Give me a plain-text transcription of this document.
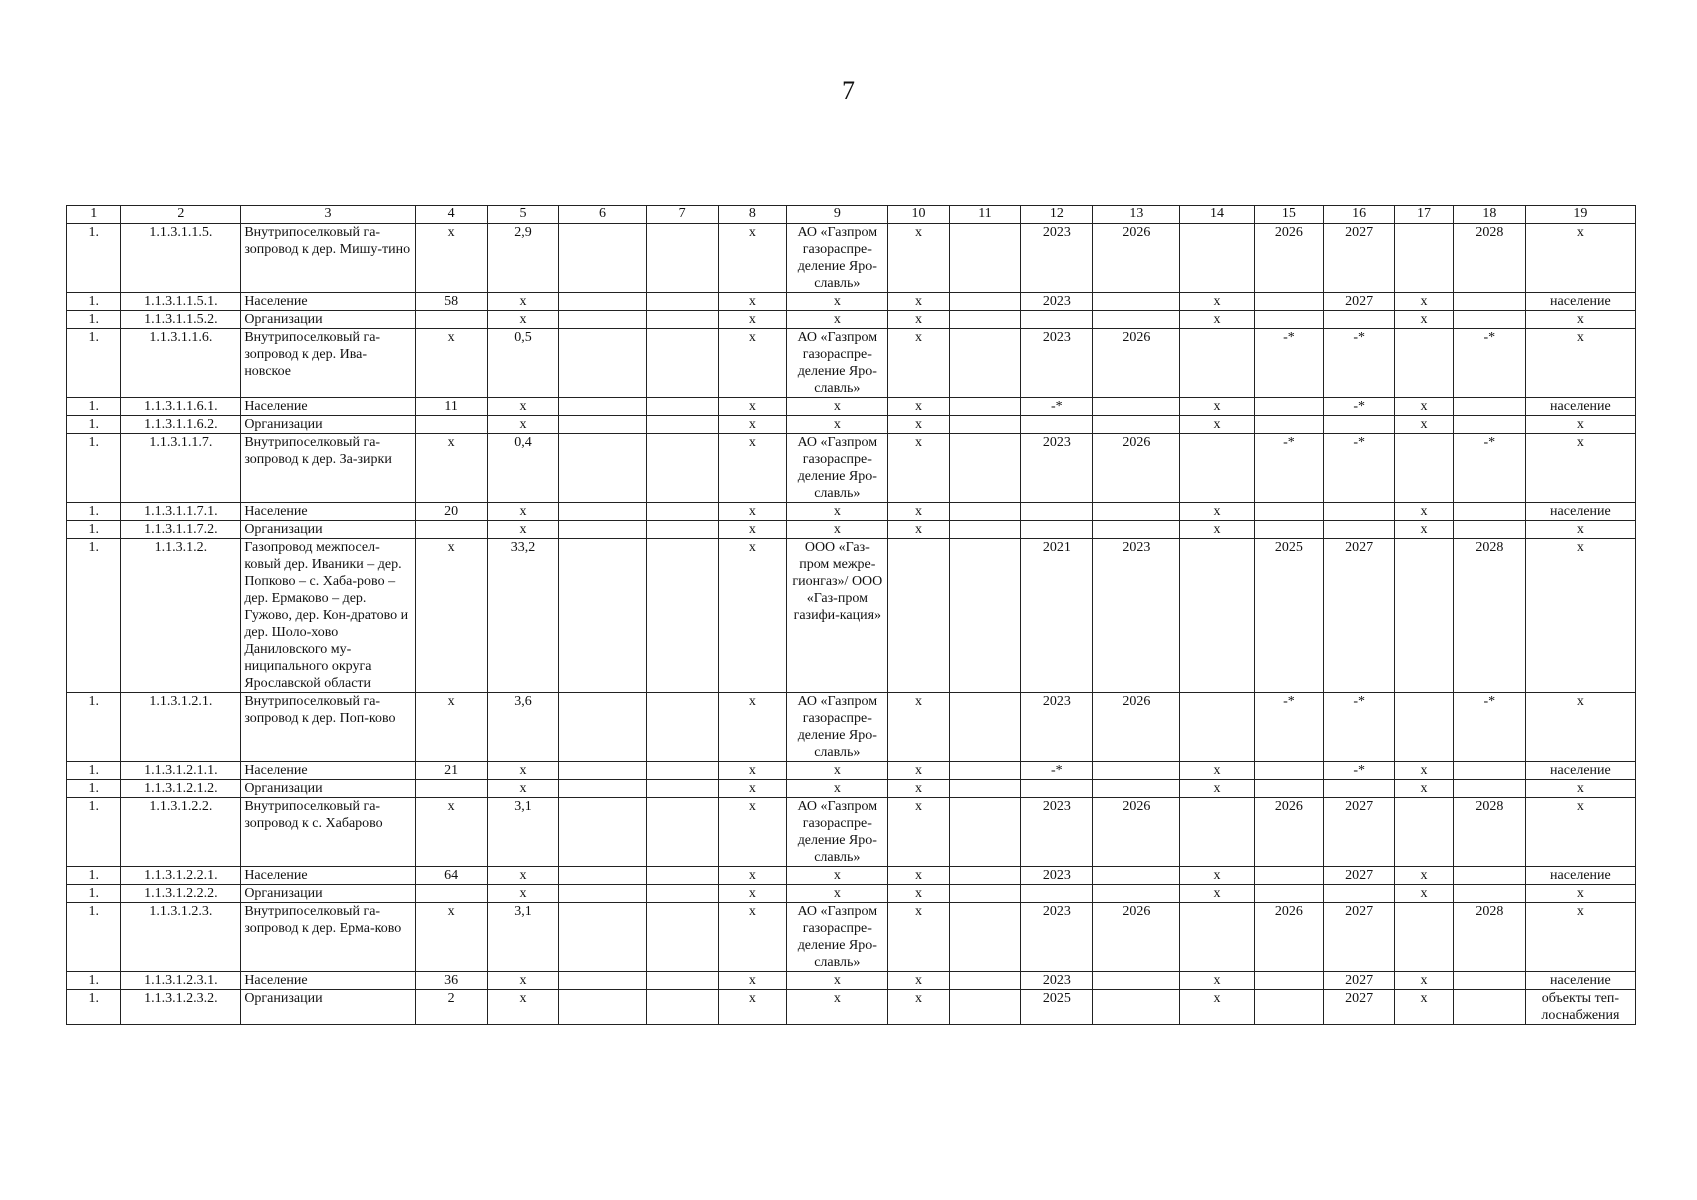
7
1	2	3	4	5	6	7	8	9	10	11	12	13	14	15	16	17	18	19
1.	1.1.3.1.1.5.	Внутрипоселковый га-зопровод к дер. Мишу-тино	x	2,9			x	АО «Газпром газораспре-деление Яро-славль»	x		2023	2026		2026	2027		2028	x
1.	1.1.3.1.1.5.1.	Население	58	x			x	x	x		2023		x		2027	x		население
1.	1.1.3.1.1.5.2.	Организации		x			x	x	x				x			x		x
1.	1.1.3.1.1.6.	Внутрипоселковый га-зопровод к дер. Ива-новское	x	0,5			x	АО «Газпром газораспре-деление Яро-славль»	x		2023	2026		-*	-*		-*	x
1.	1.1.3.1.1.6.1.	Население	11	x			x	x	x		-*		x		-*	x		население
1.	1.1.3.1.1.6.2.	Организации		x			x	x	x				x			x		x
1.	1.1.3.1.1.7.	Внутрипоселковый га-зопровод к дер. За-зирки	x	0,4			x	АО «Газпром газораспре-деление Яро-славль»	x		2023	2026		-*	-*		-*	x
1.	1.1.3.1.1.7.1.	Население	20	x			x	x	x				x			x		население
1.	1.1.3.1.1.7.2.	Организации		x			x	x	x				x			x		x
1.	1.1.3.1.2.	Газопровод межпосел-ковый дер. Иваники – дер. Попково – с. Хаба-рово – дер. Ермаково – дер. Гужово, дер. Кон-дратово и дер. Шоло-хово Даниловского му-ниципального округа Ярославской области	x	33,2			x	ООО «Газ-пром межре-гионгаз»/ ООО «Газ-пром газифи-кация»			2021	2023		2025	2027		2028	x
1.	1.1.3.1.2.1.	Внутрипоселковый га-зопровод к дер. Поп-ково	x	3,6			x	АО «Газпром газораспре-деление Яро-славль»	x		2023	2026		-*	-*		-*	x
1.	1.1.3.1.2.1.1.	Население	21	x			x	x	x		-*		x		-*	x		население
1.	1.1.3.1.2.1.2.	Организации		x			x	x	x				x			x		x
1.	1.1.3.1.2.2.	Внутрипоселковый га-зопровод к с. Хабарово	x	3,1			x	АО «Газпром газораспре-деление Яро-славль»	x		2023	2026		2026	2027		2028	x
1.	1.1.3.1.2.2.1.	Население	64	x			x	x	x		2023		x		2027	x		население
1.	1.1.3.1.2.2.2.	Организации		x			x	x	x				x			x		x
1.	1.1.3.1.2.3.	Внутрипоселковый га-зопровод к дер. Ерма-ково	x	3,1			x	АО «Газпром газораспре-деление Яро-славль»	x		2023	2026		2026	2027		2028	x
1.	1.1.3.1.2.3.1.	Население	36	x			x	x	x		2023		x		2027	x		население
1.	1.1.3.1.2.3.2.	Организации	2	x			x	x	x		2025		x		2027	x		объекты теп-лоснабжения
